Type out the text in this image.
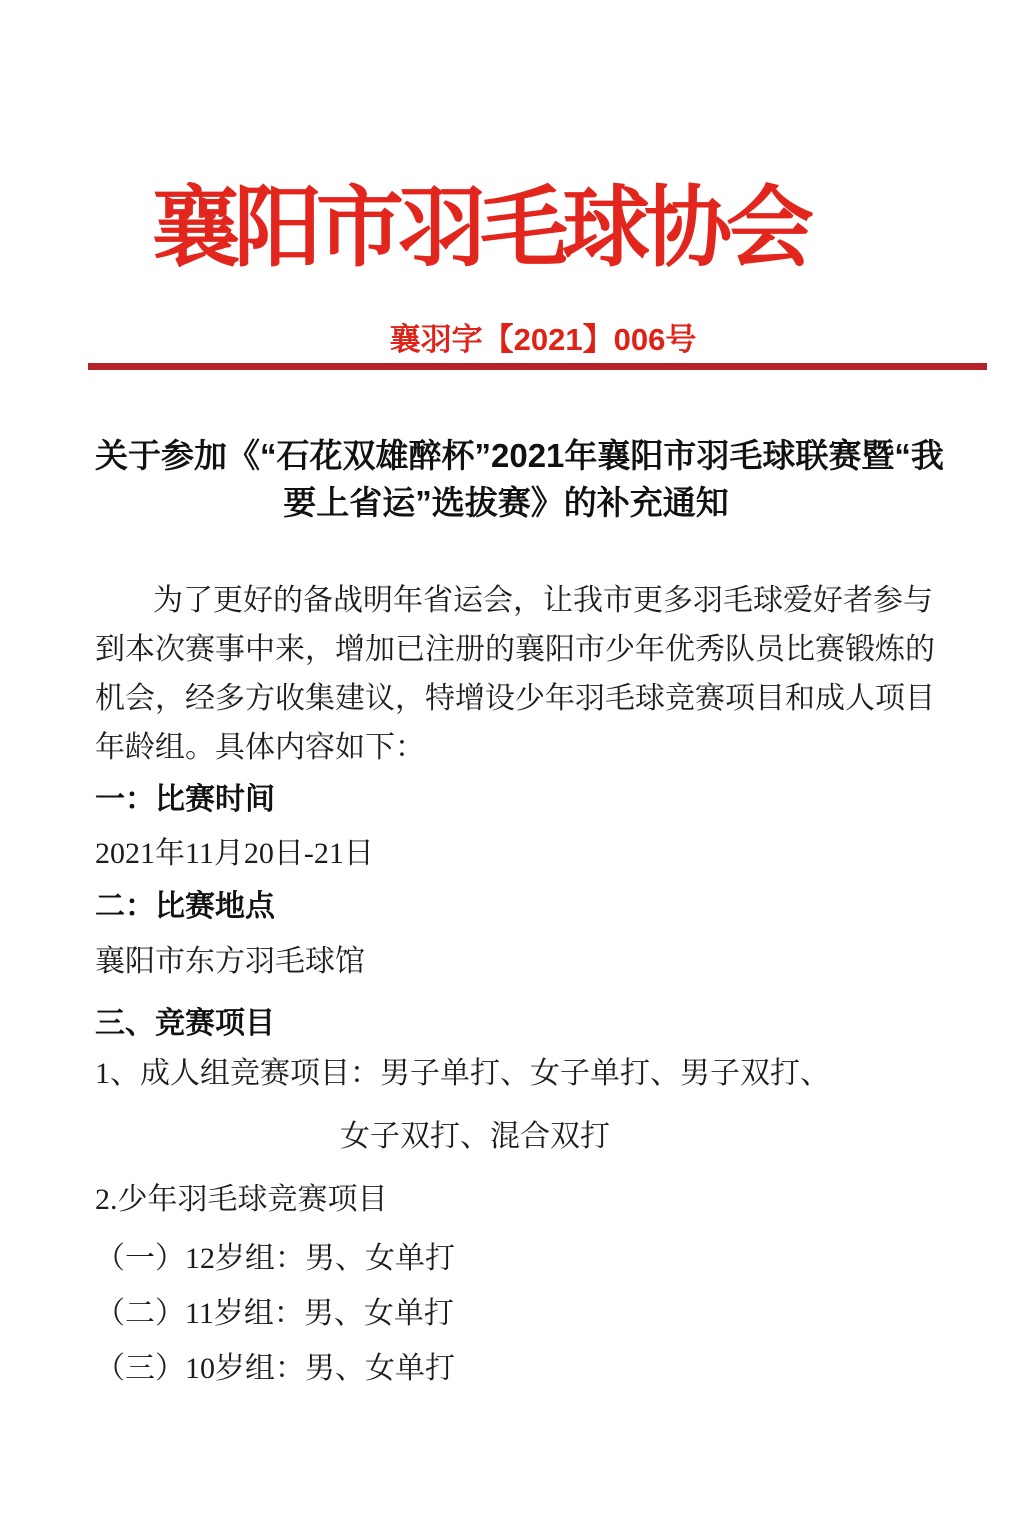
襄阳市羽毛球协会
襄羽字【2021】006号
关于参加《“石花双雄醉杯”2021年襄阳市羽毛球联赛暨“我
要上省运”选拔赛》的补充通知
为了更好的备战明年省运会，让我市更多羽毛球爱好者参与
到本次赛事中来，增加已注册的襄阳市少年优秀队员比赛锻炼的
机会，经多方收集建议，特增设少年羽毛球竞赛项目和成人项目
年龄组。具体内容如下：
一：比赛时间
2021年11月20日-21日
二：比赛地点
襄阳市东方羽毛球馆
三、竞赛项目
1、成人组竞赛项目：男子单打、女子单打、男子双打、
女子双打、混合双打
2.少年羽毛球竞赛项目
（一）12岁组：男、女单打
（二）11岁组：男、女单打
（三）10岁组：男、女单打
